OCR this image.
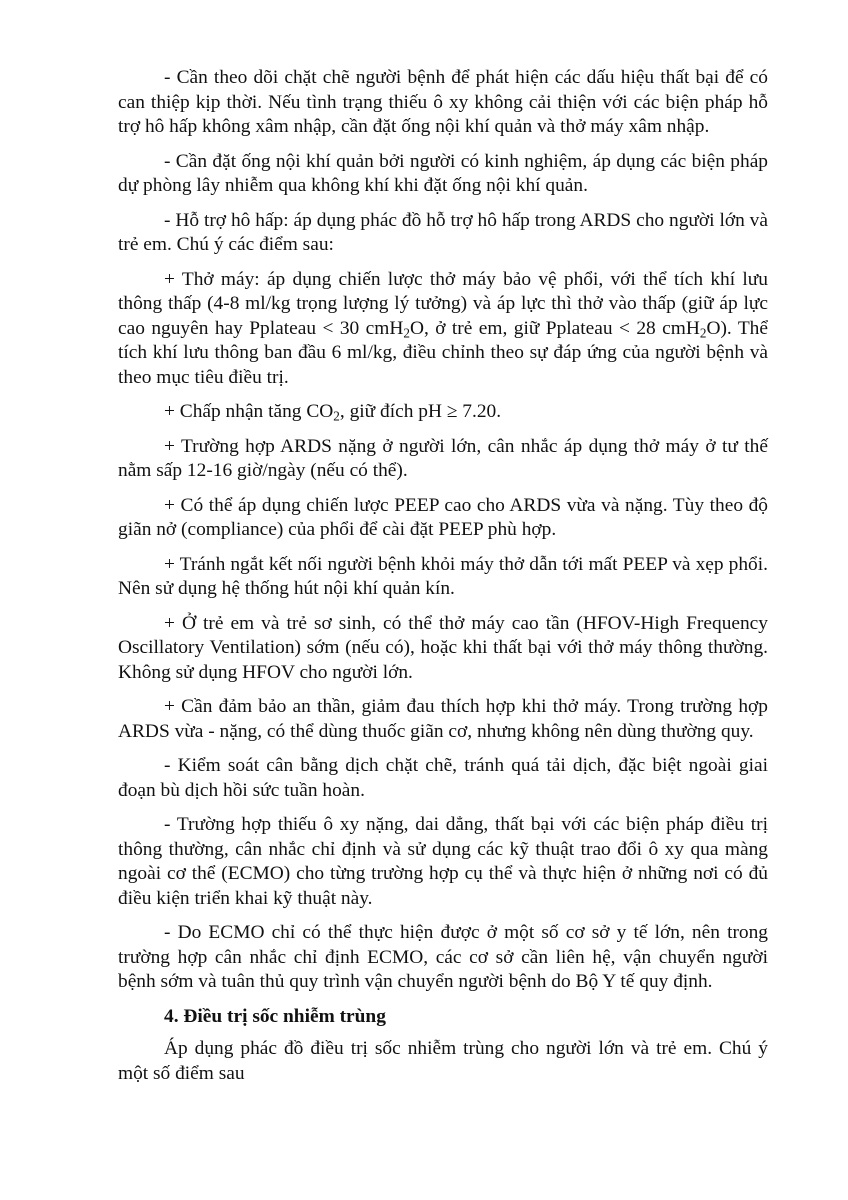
- Cần theo dõi chặt chẽ người bệnh để phát hiện các dấu hiệu thất bại để có can thiệp kịp thời. Nếu tình trạng thiếu ô xy không cải thiện với các biện pháp hỗ trợ hô hấp không xâm nhập, cần đặt ống nội khí quản và thở máy xâm nhập.

- Cần đặt ống nội khí quản bởi người có kinh nghiệm, áp dụng các biện pháp dự phòng lây nhiễm qua không khí khi đặt ống nội khí quản.

- Hỗ trợ hô hấp: áp dụng phác đồ hỗ trợ hô hấp trong ARDS cho người lớn và trẻ em. Chú ý các điểm sau:

+ Thở máy: áp dụng chiến lược thở máy bảo vệ phổi, với thể tích khí lưu thông thấp (4-8 ml/kg trọng lượng lý tưởng) và áp lực thì thở vào thấp (giữ áp lực cao nguyên hay Pplateau < 30 cmH$_2$O, ở trẻ em, giữ Pplateau < 28 cmH$_2$O). Thể tích khí lưu thông ban đầu 6 ml/kg, điều chỉnh theo sự đáp ứng của người bệnh và theo mục tiêu điều trị.

+ Chấp nhận tăng $CO_2$, giữ đích pH ≥ 7.20.

+ Trường hợp ARDS nặng ở người lớn, cân nhắc áp dụng thở máy ở tư thế nằm sấp 12-16 giờ/ngày (nếu có thể).

+ Có thể áp dụng chiến lược PEEP cao cho ARDS vừa và nặng. Tùy theo độ giãn nở (compliance) của phổi để cài đặt PEEP phù hợp.

+ Tránh ngắt kết nối người bệnh khỏi máy thở dẫn tới mất PEEP và xẹp phổi. Nên sử dụng hệ thống hút nội khí quản kín.

+ Ở trẻ em và trẻ sơ sinh, có thể thở máy cao tần (HFOV-High Frequency Oscillatory Ventilation) sớm (nếu có), hoặc khi thất bại với thở máy thông thường. Không sử dụng HFOV cho người lớn.

+ Cần đảm bảo an thần, giảm đau thích hợp khi thở máy. Trong trường hợp ARDS vừa - nặng, có thể dùng thuốc giãn cơ, nhưng không nên dùng thường quy.

- Kiểm soát cân bằng dịch chặt chẽ, tránh quá tải dịch, đặc biệt ngoài giai đoạn bù dịch hồi sức tuần hoàn.

- Trường hợp thiếu ô xy nặng, dai dẳng, thất bại với các biện pháp điều trị thông thường, cân nhắc chỉ định và sử dụng các kỹ thuật trao đổi ô xy qua màng ngoài cơ thể (ECMO) cho từng trường hợp cụ thể và thực hiện ở những nơi có đủ điều kiện triển khai kỹ thuật này.

- Do ECMO chỉ có thể thực hiện được ở một số cơ sở y tế lớn, nên trong trường hợp cân nhắc chỉ định ECMO, các cơ sở cần liên hệ, vận chuyển người bệnh sớm và tuân thủ quy trình vận chuyển người bệnh do Bộ Y tế quy định.

4. Điều trị sốc nhiễm trùng

Áp dụng phác đồ điều trị sốc nhiễm trùng cho người lớn và trẻ em. Chú ý một số điểm sau
